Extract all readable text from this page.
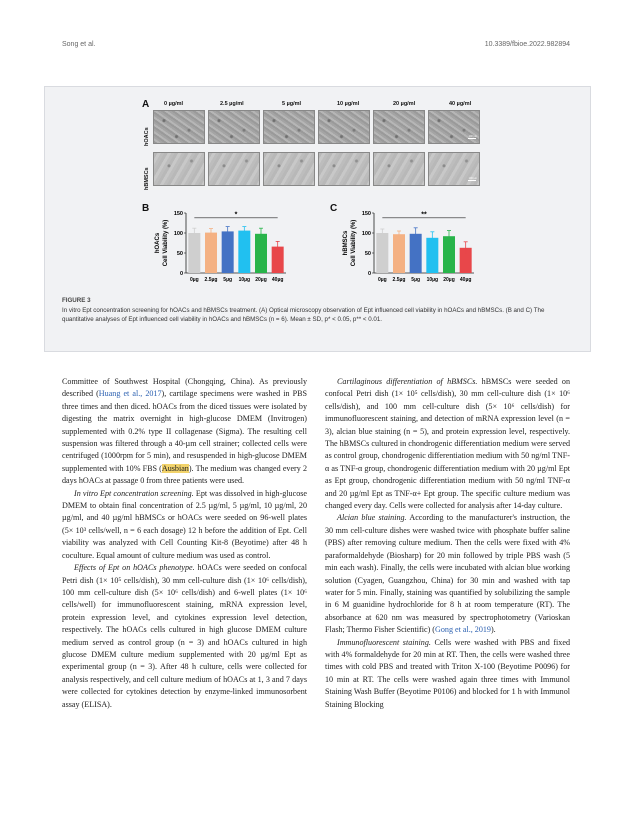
Song et al.	10.3389/fbioe.2022.982894
A	0 µg/ml	2.5 µg/ml	5 µg/ml	10 µg/ml	20 µg/ml	40 µg/ml
hOACs
hBMSCs
100 µm
100 µm
B	C
hOACs Cell Viability (%)
0
50
100
150
0µg 2.5µg 5µg 10µg 20µg 40µg
*
hBMSCs Cell Viability (%)
0
50
100
150
0µg 2.5µg 5µg 10µg 20µg 40µg
**
FIGURE 3
In vitro Ept concentration screening for hOACs and hBMSCs treatment. (A) Optical microscopy observation of Ept influenced cell viability in hOACs and hBMSCs. (B and C) The quantitative analyses of Ept influenced cell viability in hOACs and hBMSCs (n = 6). Mean ± SD, p* < 0.05, p** < 0.01.

Committee of Southwest Hospital (Chongqing, China). As previously described (Huang et al., 2017), cartilage specimens were washed in PBS three times and then diced. hOACs from the diced tissues were isolated by digesting the matrix overnight in high-glucose DMEM (Invitrogen) supplemented with 0.2% type II collagenase (Sigma). The resulting cell suspension was filtered through a 40-µm cell strainer; collected cells were centrifuged (1000rpm for 5 min), and resuspended in high-glucose DMEM supplemented with 10% FBS (Ausbian). The medium was changed every 2 days hOACs at passage 0 from three patients were used.

In vitro Ept concentration screening. Ept was dissolved in high-glucose DMEM to obtain final concentration of 2.5 µg/ml, 5 µg/ml, 10 µg/ml, 20 µg/ml, and 40 µg/ml hBMSCs or hOACs were seeded on 96-well plates (5× 10³ cells/well, n = 6 each dosage) 12 h before the addition of Ept. Cell viability was analyzed with Cell Counting Kit-8 (Beyotime) after 48 h coculture. Equal amount of culture medium was used as control.

Effects of Ept on hOACs phenotype. hOACs were seeded on confocal Petri dish (1× 10⁵ cells/dish), 30 mm cell-culture dish (1× 10⁶ cells/dish), 100 mm cell-culture dish (5× 10⁶ cells/dish) and 6-well plates (1× 10⁶ cells/well) for immunofluorescent staining, mRNA expression level, protein expression level, and cytokines expression level detection, respectively. The hOACs cells cultured in high glucose DMEM culture medium served as control group (n = 3) and hOACs cultured in high glucose DMEM culture medium supplemented with 20 µg/ml Ept as experimental group (n = 3). After 48 h culture, cells were collected for analysis respectively, and cell culture medium of hOACs at 1, 3 and 7 days were collected for cytokines detection by enzyme-linked immunosorbent assay (ELISA).

Cartilaginous differentiation of hBMSCs. hBMSCs were seeded on confocal Petri dish (1× 10⁵ cells/dish), 30 mm cell-culture dish (1× 10⁶ cells/dish), and 100 mm cell-culture dish (5× 10⁶ cells/dish) for immunofluorescent staining, and detection of mRNA expression level (n = 3), alcian blue staining (n = 5), and protein expression level, respectively. The hBMSCs cultured in chondrogenic differentiation medium were served as control group, chondrogenic differentiation medium with 50 ng/ml TNF-α as TNF-α group, chondrogenic differentiation medium with 20 µg/ml Ept as Ept group, chondrogenic differentiation medium with 50 ng/ml TNF-α and 20 µg/ml Ept as TNF-α+ Ept group. The specific culture medium was changed every day. Cells were collected for analysis after 14-day culture.

Alcian blue staining. According to the manufacturer's instruction, the 30 mm cell-culture dishes were washed twice with phosphate buffer saline (PBS) after removing culture medium. Then the cells were fixed with 4% paraformaldehyde (Biosharp) for 20 min followed by triple PBS wash (5 min each wash). Finally, the cells were incubated with alcian blue working solution (Cyagen, Guangzhou, China) for 30 min and washed with tap water for 5 min. Finally, staining was quantified by solubilizing the sample in 6 M guanidine hydrochloride for 8 h at room temperature (RT). The absorbance at 620 nm was measured by spectrophotometry (Varioskan Flash; Thermo Fisher Scientific) (Gong et al., 2019).

Immunofluorescent staining. Cells were washed with PBS and fixed with 4% formaldehyde for 20 min at RT. Then, the cells were washed three times with cold PBS and treated with Triton X-100 (Beyotime P0096) for 10 min at RT. The cells were washed again three times with Immunol Staining Wash Buffer (Beyotime P0106) and blocked for 1 h with Immunol Staining Blocking
